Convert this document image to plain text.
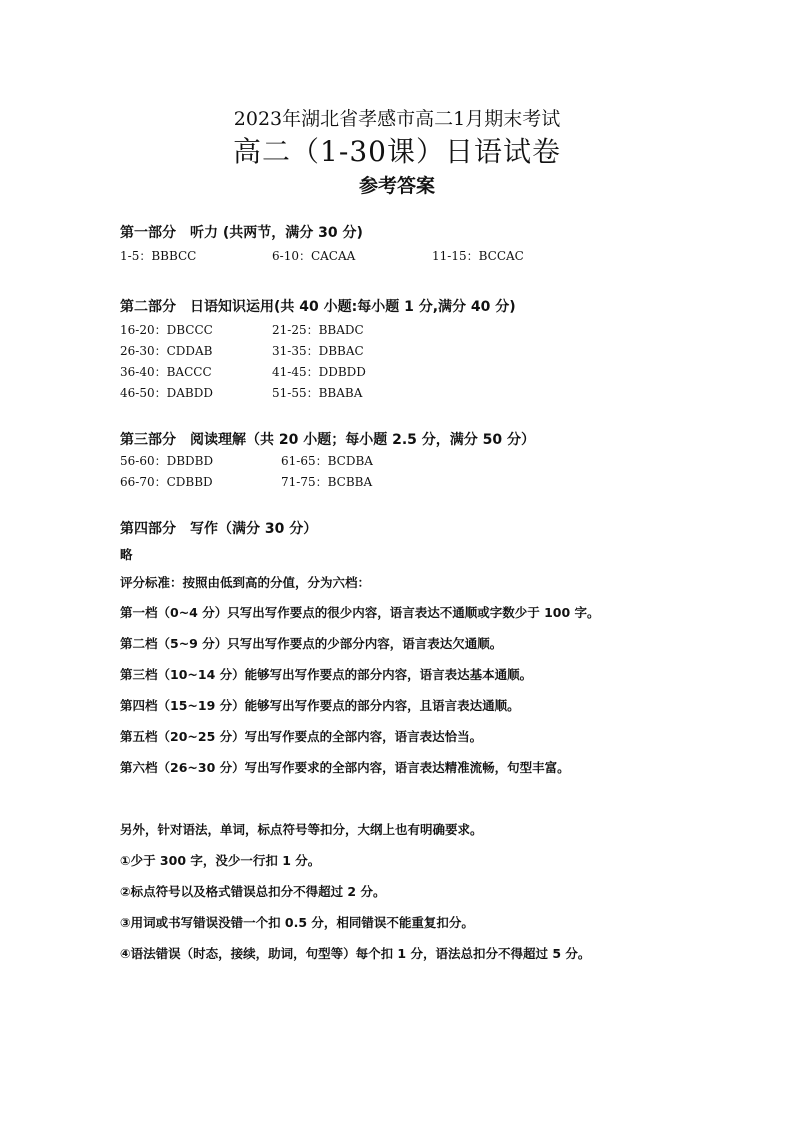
2023年湖北省孝感市高二1月期末考试
高二（1-30课）日语试卷
参考答案
第一部分　听力 (共两节，满分 30 分)
1-5：BBBCC	6-10：CACAA	11-15：BCCAC
第二部分　日语知识运用(共 40 小题:每小题 1 分,满分 40 分)
16-20：DBCCC	21-25：BBADC
26-30：CDDAB	31-35：DBBAC
36-40：BACCC	41-45：DDBDD
46-50：DABDD	51-55：BBABA
第三部分　阅读理解（共 20 小题；每小题 2.5 分，满分 50 分）
56-60：DBDBD	61-65：BCDBA
66-70：CDBBD	71-75：BCBBA
第四部分　写作（满分 30 分）
略
评分标准：按照由低到高的分值，分为六档：
第一档（0~4 分）只写出写作要点的很少内容，语言表达不通顺或字数少于 100 字。
第二档（5~9 分）只写出写作要点的少部分内容，语言表达欠通顺。
第三档（10~14 分）能够写出写作要点的部分内容，语言表达基本通顺。
第四档（15~19 分）能够写出写作要点的部分内容，且语言表达通顺。
第五档（20~25 分）写出写作要点的全部内容，语言表达恰当。
第六档（26~30 分）写出写作要求的全部内容，语言表达精准流畅，句型丰富。
另外，针对语法，单词，标点符号等扣分，大纲上也有明确要求。
①少于 300 字，没少一行扣 1 分。
②标点符号以及格式错误总扣分不得超过 2 分。
③用词或书写错误没错一个扣 0.5 分，相同错误不能重复扣分。
④语法错误（时态，接续，助词，句型等）每个扣 1 分，语法总扣分不得超过 5 分。
